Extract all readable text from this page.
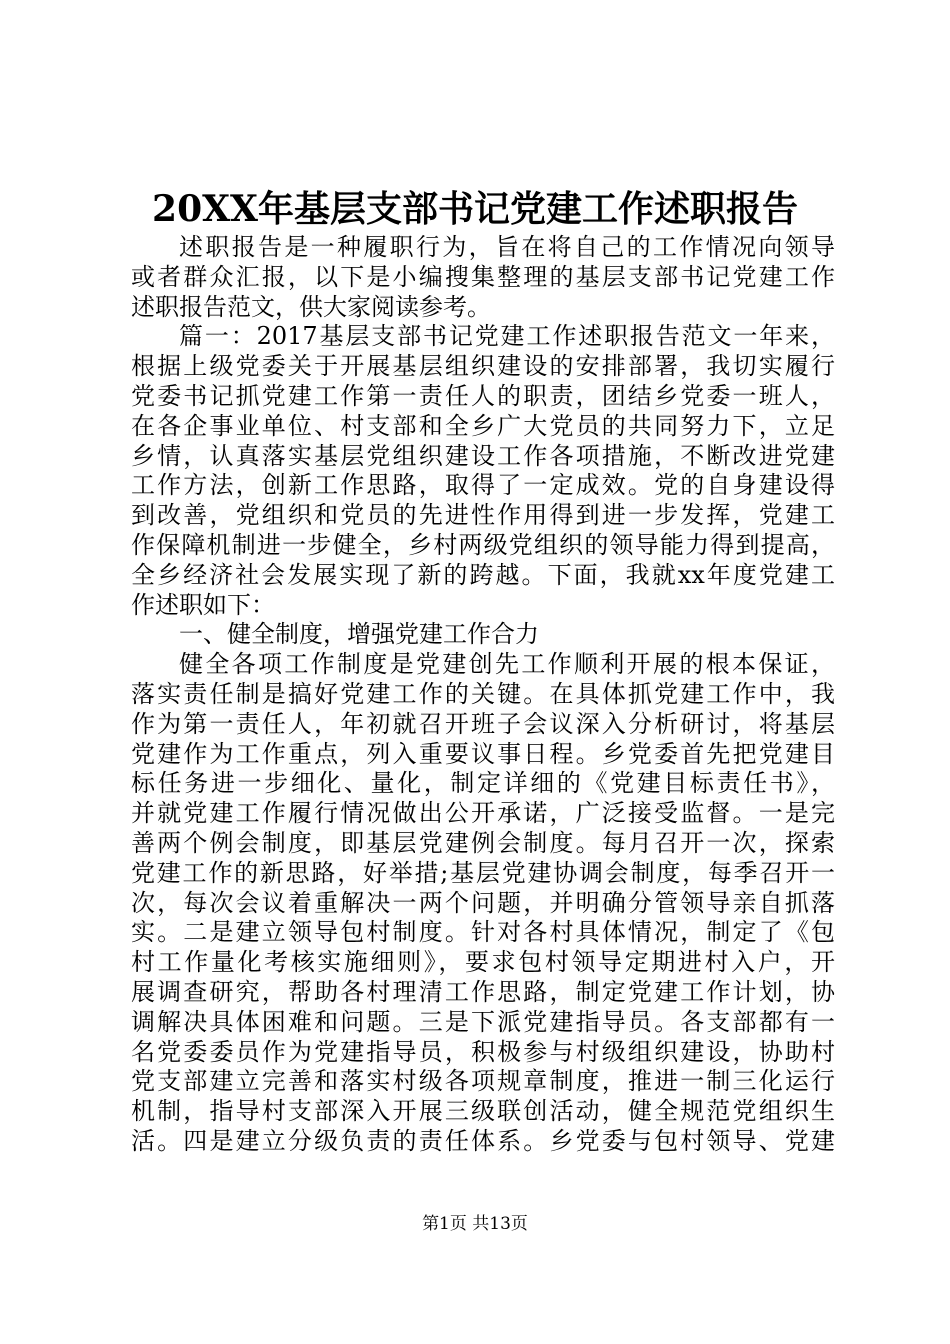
20XX年基层支部书记党建工作述职报告
述职报告是一种履职行为，旨在将自己的工作情况向领导
或者群众汇报，以下是小编搜集整理的基层支部书记党建工作
述职报告范文，供大家阅读参考。
篇一：2017基层支部书记党建工作述职报告范文一年来，
根据上级党委关于开展基层组织建设的安排部署，我切实履行
党委书记抓党建工作第一责任人的职责，团结乡党委一班人，
在各企事业单位、村支部和全乡广大党员的共同努力下，立足
乡情，认真落实基层党组织建设工作各项措施，不断改进党建
工作方法，创新工作思路，取得了一定成效。党的自身建设得
到改善，党组织和党员的先进性作用得到进一步发挥，党建工
作保障机制进一步健全，乡村两级党组织的领导能力得到提高，
全乡经济社会发展实现了新的跨越。下面，我就xx年度党建工
作述职如下：
一、健全制度，增强党建工作合力
健全各项工作制度是党建创先工作顺利开展的根本保证，
落实责任制是搞好党建工作的关键。在具体抓党建工作中，我
作为第一责任人，年初就召开班子会议深入分析研讨，将基层
党建作为工作重点，列入重要议事日程。乡党委首先把党建目
标任务进一步细化、量化，制定详细的《党建目标责任书》，
并就党建工作履行情况做出公开承诺，广泛接受监督。一是完
善两个例会制度，即基层党建例会制度。每月召开一次，探索
党建工作的新思路，好举措;基层党建协调会制度，每季召开一
次，每次会议着重解决一两个问题，并明确分管领导亲自抓落
实。二是建立领导包村制度。针对各村具体情况，制定了《包
村工作量化考核实施细则》，要求包村领导定期进村入户，开
展调查研究，帮助各村理清工作思路，制定党建工作计划，协
调解决具体困难和问题。三是下派党建指导员。各支部都有一
名党委委员作为党建指导员，积极参与村级组织建设，协助村
党支部建立完善和落实村级各项规章制度，推进一制三化运行
机制，指导村支部深入开展三级联创活动，健全规范党组织生
活。四是建立分级负责的责任体系。乡党委与包村领导、党建
第1页 共13页
